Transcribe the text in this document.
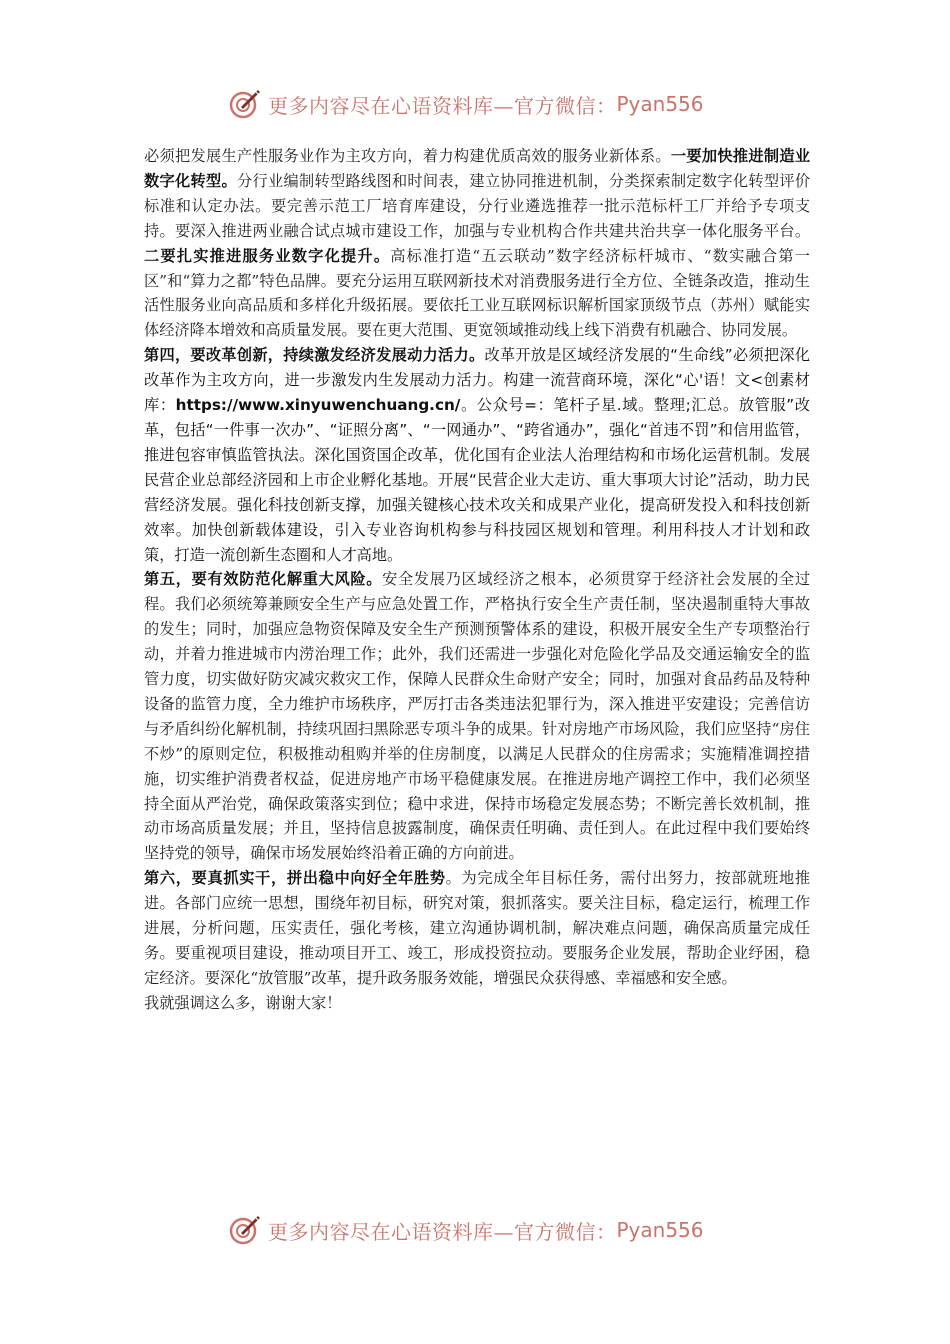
更多内容尽在心语资料库—官方微信： Pyan556

必须把发展生产性服务业作为主攻方向，着力构建优质高效的服务业新体系。一要加快推进制造业数字化转型。分行业编制转型路线图和时间表，建立协同推进机制，分类探索制定数字化转型评价标准和认定办法。要完善示范工厂培育库建设，分行业遴选推荐一批示范标杆工厂并给予专项支持。要深入推进两业融合试点城市建设工作，加强与专业机构合作共建共治共享一体化服务平台。二要扎实推进服务业数字化提升。高标准打造“五云联动”数字经济标杆城市、“数实融合第一区”和“算力之都”特色品牌。要充分运用互联网新技术对消费服务进行全方位、全链条改造，推动生活性服务业向高品质和多样化升级拓展。要依托工业互联网标识解析国家顶级节点（苏州）赋能实体经济降本增效和高质量发展。要在更大范围、更宽领域推动线上线下消费有机融合、协同发展。

第四，要改革创新，持续激发经济发展动力活力。改革开放是区域经济发展的“生命线”必须把深化改革作为主攻方向，进一步激发内生发展动力活力。构建一流营商环境，深化“心'语！文<创素材库：https://www.xinyuwenchuang.cn/。公众号=：笔杆子星.域。整理;汇总。放管服”改革，包括“一件事一次办”、“证照分离”、“一网通办”、“跨省通办”，强化“首违不罚”和信用监管，推进包容审慎监管执法。深化国资国企改革，优化国有企业法人治理结构和市场化运营机制。发展民营企业总部经济园和上市企业孵化基地。开展“民营企业大走访、重大事项大讨论”活动，助力民营经济发展。强化科技创新支撑，加强关键核心技术攻关和成果产业化，提高研发投入和科技创新效率。加快创新载体建设，引入专业咨询机构参与科技园区规划和管理。利用科技人才计划和政策，打造一流创新生态圈和人才高地。

第五，要有效防范化解重大风险。安全发展乃区域经济之根本，必须贯穿于经济社会发展的全过程。我们必须统筹兼顾安全生产与应急处置工作，严格执行安全生产责任制，坚决遏制重特大事故的发生；同时，加强应急物资保障及安全生产预测预警体系的建设，积极开展安全生产专项整治行动，并着力推进城市内涝治理工作；此外，我们还需进一步强化对危险化学品及交通运输安全的监管力度，切实做好防灾减灾救灾工作，保障人民群众生命财产安全；同时，加强对食品药品及特种设备的监管力度，全力维护市场秩序，严厉打击各类违法犯罪行为，深入推进平安建设；完善信访与矛盾纠纷化解机制，持续巩固扫黑除恶专项斗争的成果。针对房地产市场风险，我们应坚持“房住不炒”的原则定位，积极推动租购并举的住房制度，以满足人民群众的住房需求；实施精准调控措施，切实维护消费者权益，促进房地产市场平稳健康发展。在推进房地产调控工作中，我们必须坚持全面从严治党，确保政策落实到位；稳中求进，保持市场稳定发展态势；不断完善长效机制，推动市场高质量发展；并且，坚持信息披露制度，确保责任明确、责任到人。在此过程中我们要始终坚持党的领导，确保市场发展始终沿着正确的方向前进。

第六，要真抓实干，拼出稳中向好全年胜势。为完成全年目标任务，需付出努力，按部就班地推进。各部门应统一思想，围绕年初目标，研究对策，狠抓落实。要关注目标，稳定运行，梳理工作进展，分析问题，压实责任，强化考核，建立沟通协调机制，解决难点问题，确保高质量完成任务。要重视项目建设，推动项目开工、竣工，形成投资拉动。要服务企业发展，帮助企业纾困，稳定经济。要深化“放管服”改革，提升政务服务效能，增强民众获得感、幸福感和安全感。

我就强调这么多，谢谢大家！

更多内容尽在心语资料库—官方微信： Pyan556
